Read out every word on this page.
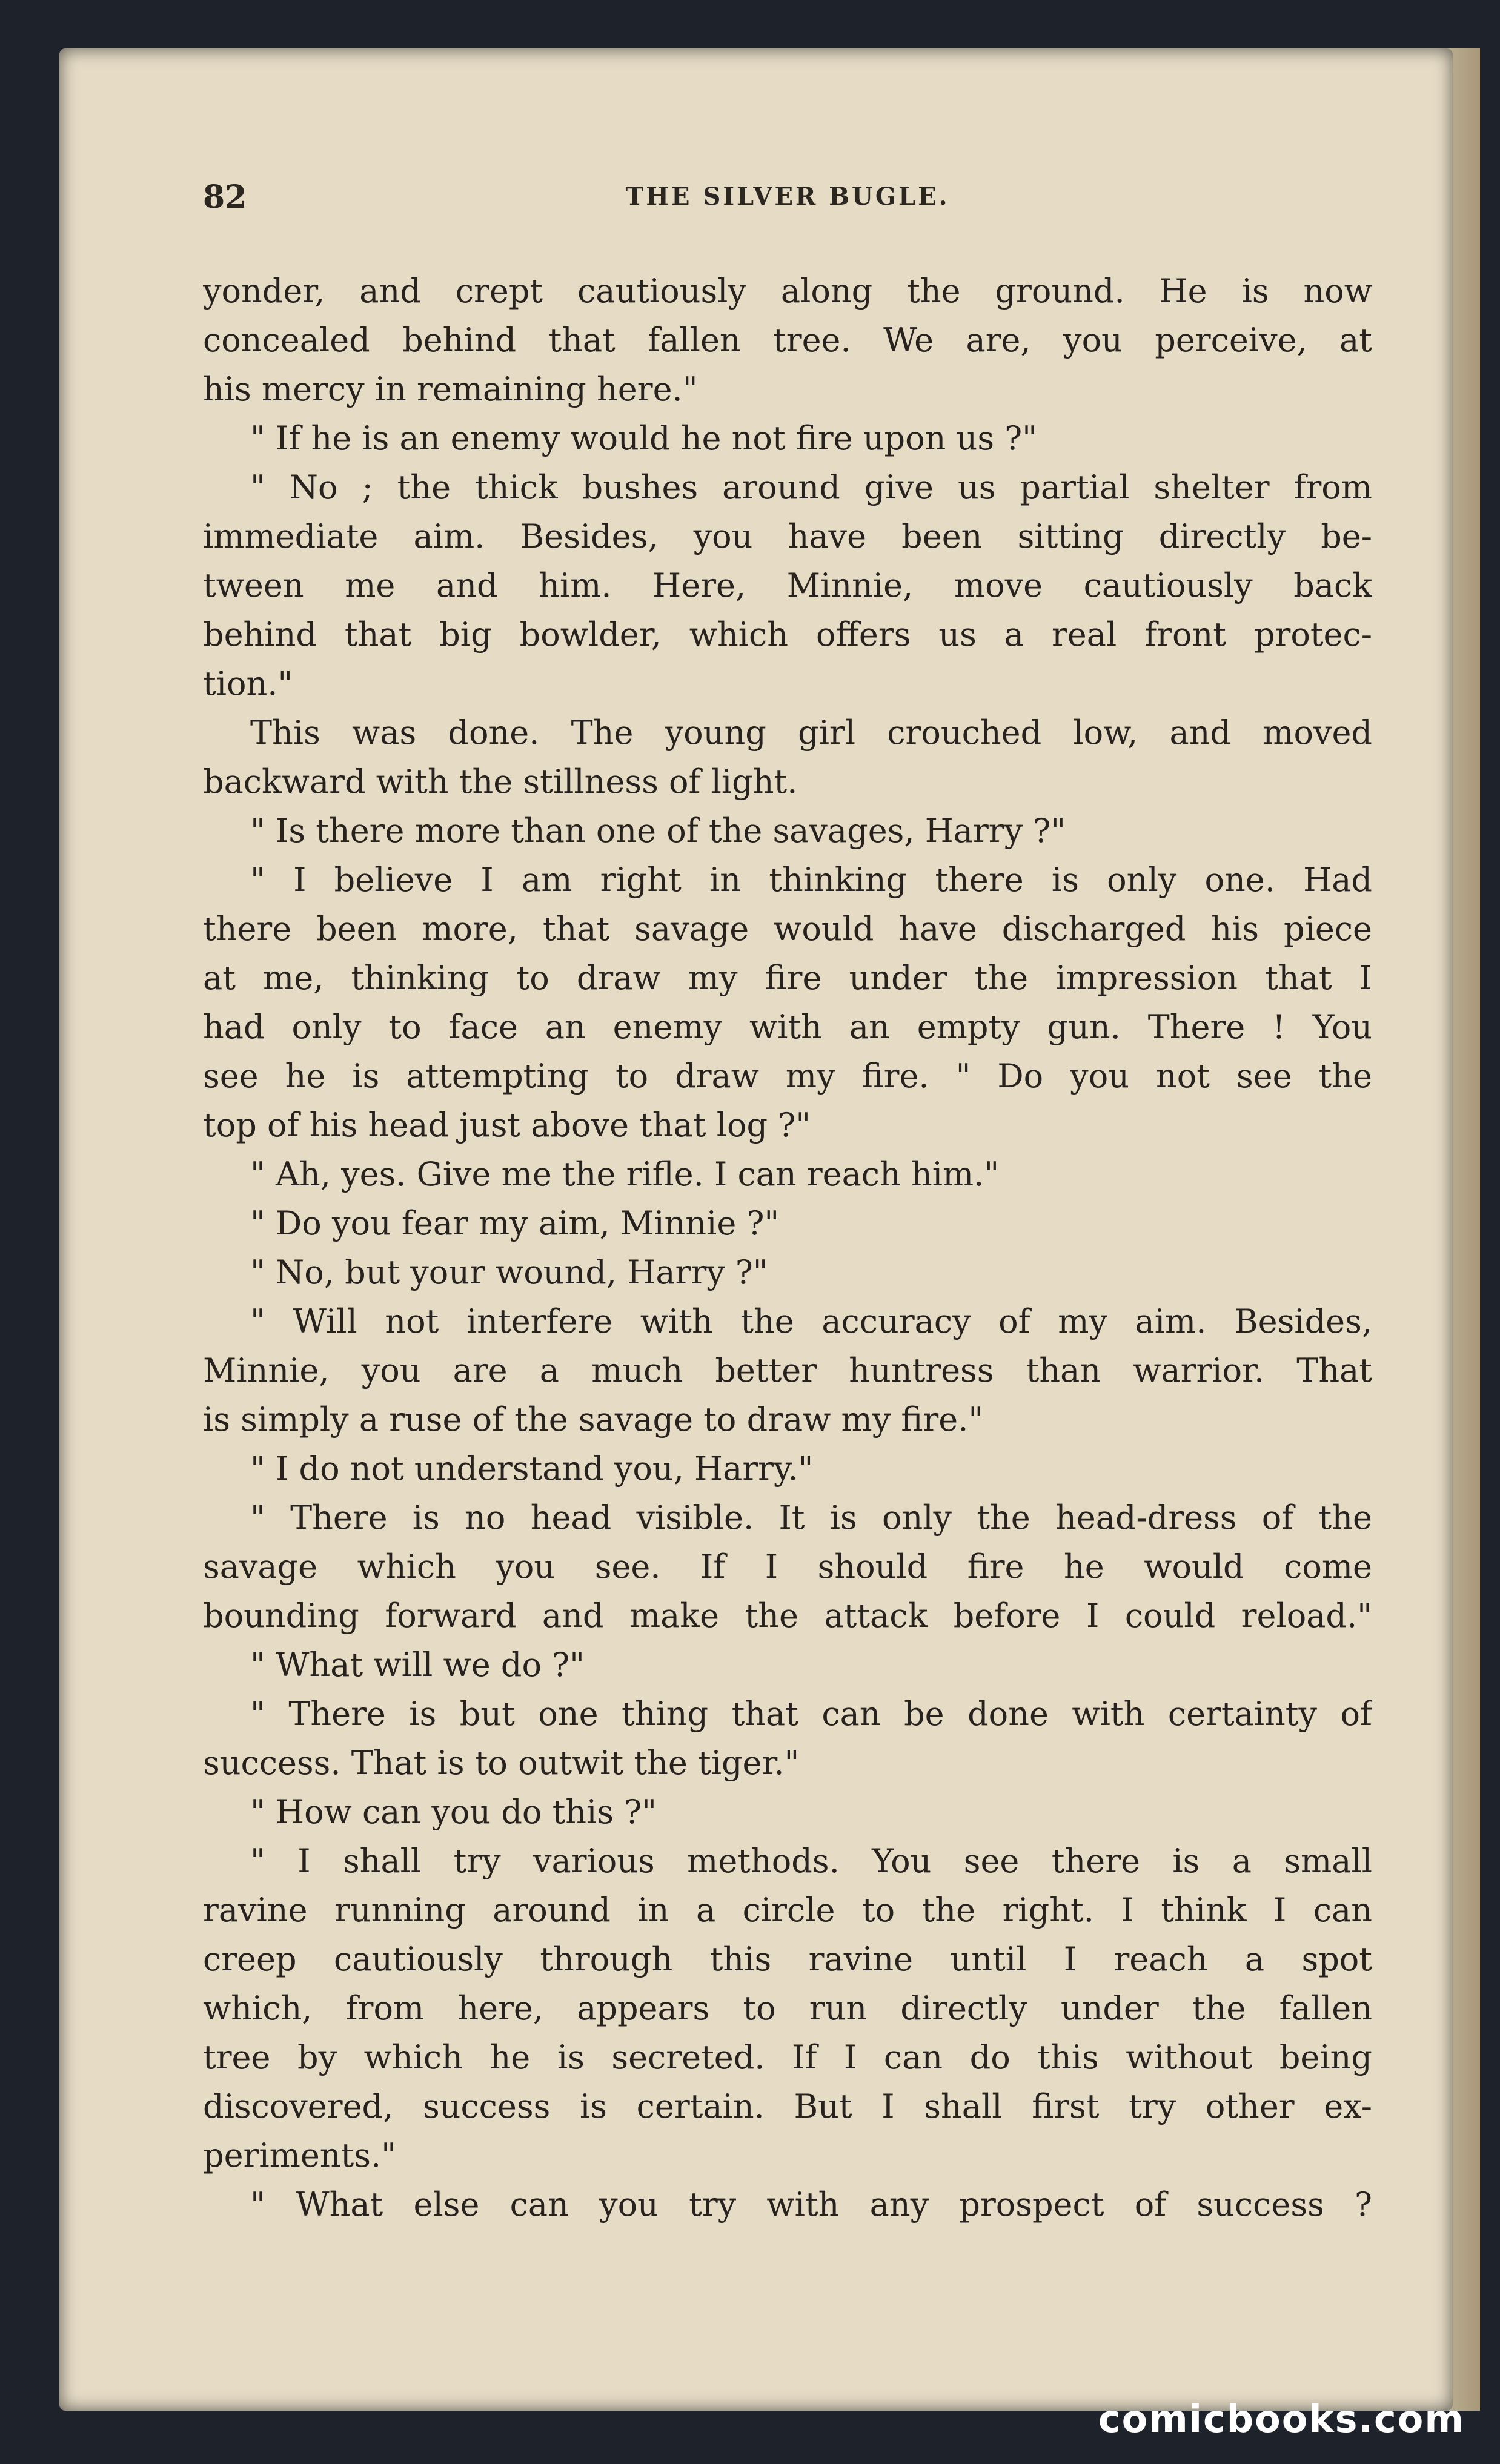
82	THE SILVER BUGLE.
yonder, and crept cautiously along the ground. He is now
concealed behind that fallen tree. We are, you perceive, at
his mercy in remaining here."
" If he is an enemy would he not fire upon us ?"
" No ; the thick bushes around give us partial shelter from
immediate aim. Besides, you have been sitting directly be-
tween me and him. Here, Minnie, move cautiously back
behind that big bowlder, which offers us a real front protec-
tion."
This was done. The young girl crouched low, and moved
backward with the stillness of light.
" Is there more than one of the savages, Harry ?"
" I believe I am right in thinking there is only one. Had
there been more, that savage would have discharged his piece
at me, thinking to draw my fire under the impression that I
had only to face an enemy with an empty gun. There ! You
see he is attempting to draw my fire. " Do you not see the
top of his head just above that log ?"
" Ah, yes. Give me the rifle. I can reach him."
" Do you fear my aim, Minnie ?"
" No, but your wound, Harry ?"
" Will not interfere with the accuracy of my aim. Besides,
Minnie, you are a much better huntress than warrior. That
is simply a ruse of the savage to draw my fire."
" I do not understand you, Harry."
" There is no head visible. It is only the head-dress of the
savage which you see. If I should fire he would come
bounding forward and make the attack before I could reload."
" What will we do ?"
" There is but one thing that can be done with certainty of
success. That is to outwit the tiger."
" How can you do this ?"
" I shall try various methods. You see there is a small
ravine running around in a circle to the right. I think I can
creep cautiously through this ravine until I reach a spot
which, from here, appears to run directly under the fallen
tree by which he is secreted. If I can do this without being
discovered, success is certain. But I shall first try other ex-
periments."
" What else can you try with any prospect of success ?
comicbooks.com
